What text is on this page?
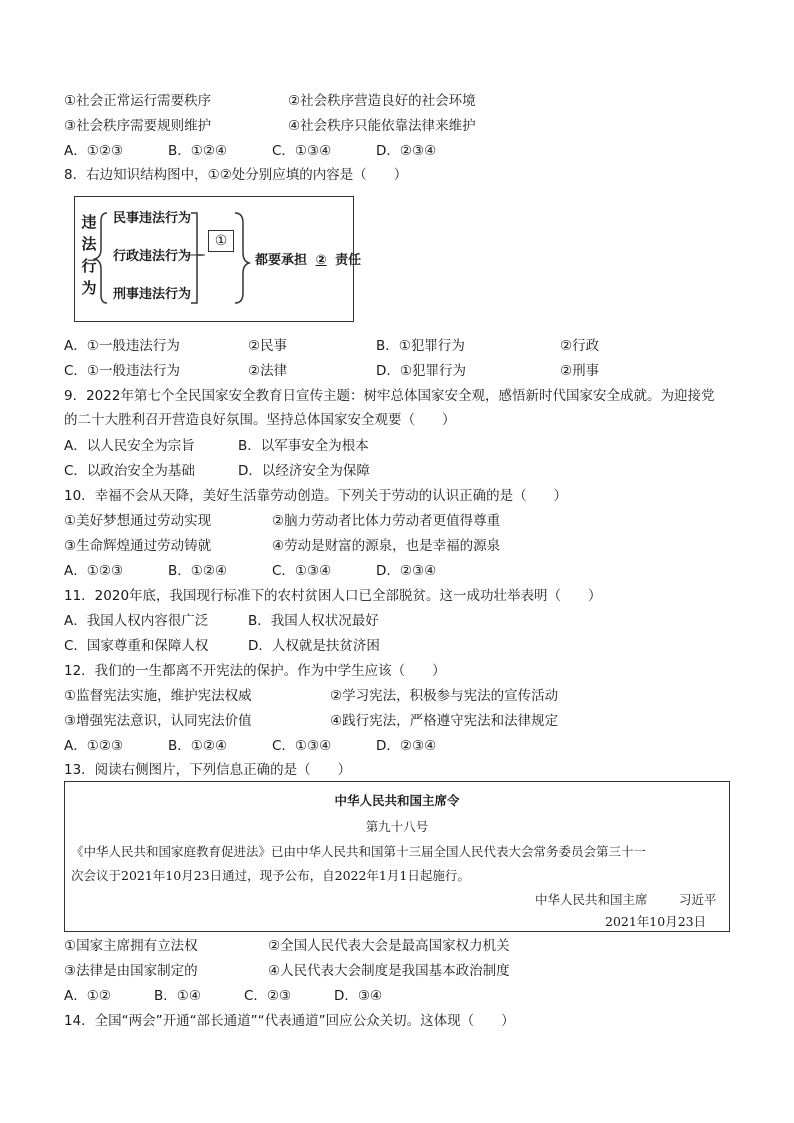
①社会正常运行需要秩序	②社会秩序营造良好的社会环境
③社会秩序需要规则维护	④社会秩序只能依靠法律来维护
A．①②③	B．①②④	C．①③④	D．②③④
8．右边知识结构图中，①②处分别应填的内容是（　　）
违
法
行
为
民事违法行为
行政违法行为
刑事违法行为
①
都要承担 ② 责任
A．①一般违法行为	②民事	B．①犯罪行为	②行政
C．①一般违法行为	②法律	D．①犯罪行为	②刑事
9．2022年第七个全民国家安全教育日宣传主题：树牢总体国家安全观，感悟新时代国家安全成就。为迎接党
的二十大胜利召开营造良好氛围。坚持总体国家安全观要（　　）
A．以人民安全为宗旨	B．以军事安全为根本
C．以政治安全为基础	D．以经济安全为保障
10．幸福不会从天降，美好生活靠劳动创造。下列关于劳动的认识正确的是（　　）
①美好梦想通过劳动实现	②脑力劳动者比体力劳动者更值得尊重
③生命辉煌通过劳动铸就	④劳动是财富的源泉，也是幸福的源泉
A．①②③	B．①②④	C．①③④	D．②③④
11．2020年底，我国现行标准下的农村贫困人口已全部脱贫。这一成功壮举表明（　　）
A．我国人权内容很广泛	B．我国人权状况最好
C．国家尊重和保障人权	D．人权就是扶贫济困
12．我们的一生都离不开宪法的保护。作为中学生应该（　　）
①监督宪法实施，维护宪法权威	②学习宪法，积极参与宪法的宣传活动
③增强宪法意识，认同宪法价值	④践行宪法，严格遵守宪法和法律规定
A．①②③	B．①②④	C．①③④	D．②③④
13．阅读右侧图片，下列信息正确的是（　　）
中华人民共和国主席令
第九十八号
《中华人民共和国家庭教育促进法》已由中华人民共和国第十三届全国人民代表大会常务委员会第三十一
次会议于2021年10月23日通过，现予公布，自2022年1月1日起施行。
中华人民共和国主席	习近平
2021年10月23日
①国家主席拥有立法权	②全国人民代表大会是最高国家权力机关
③法律是由国家制定的	④人民代表大会制度是我国基本政治制度
A．①②	B．①④	C．②③	D．③④
14．全国“两会”开通“部长通道”“代表通道”回应公众关切。这体现（　　）
